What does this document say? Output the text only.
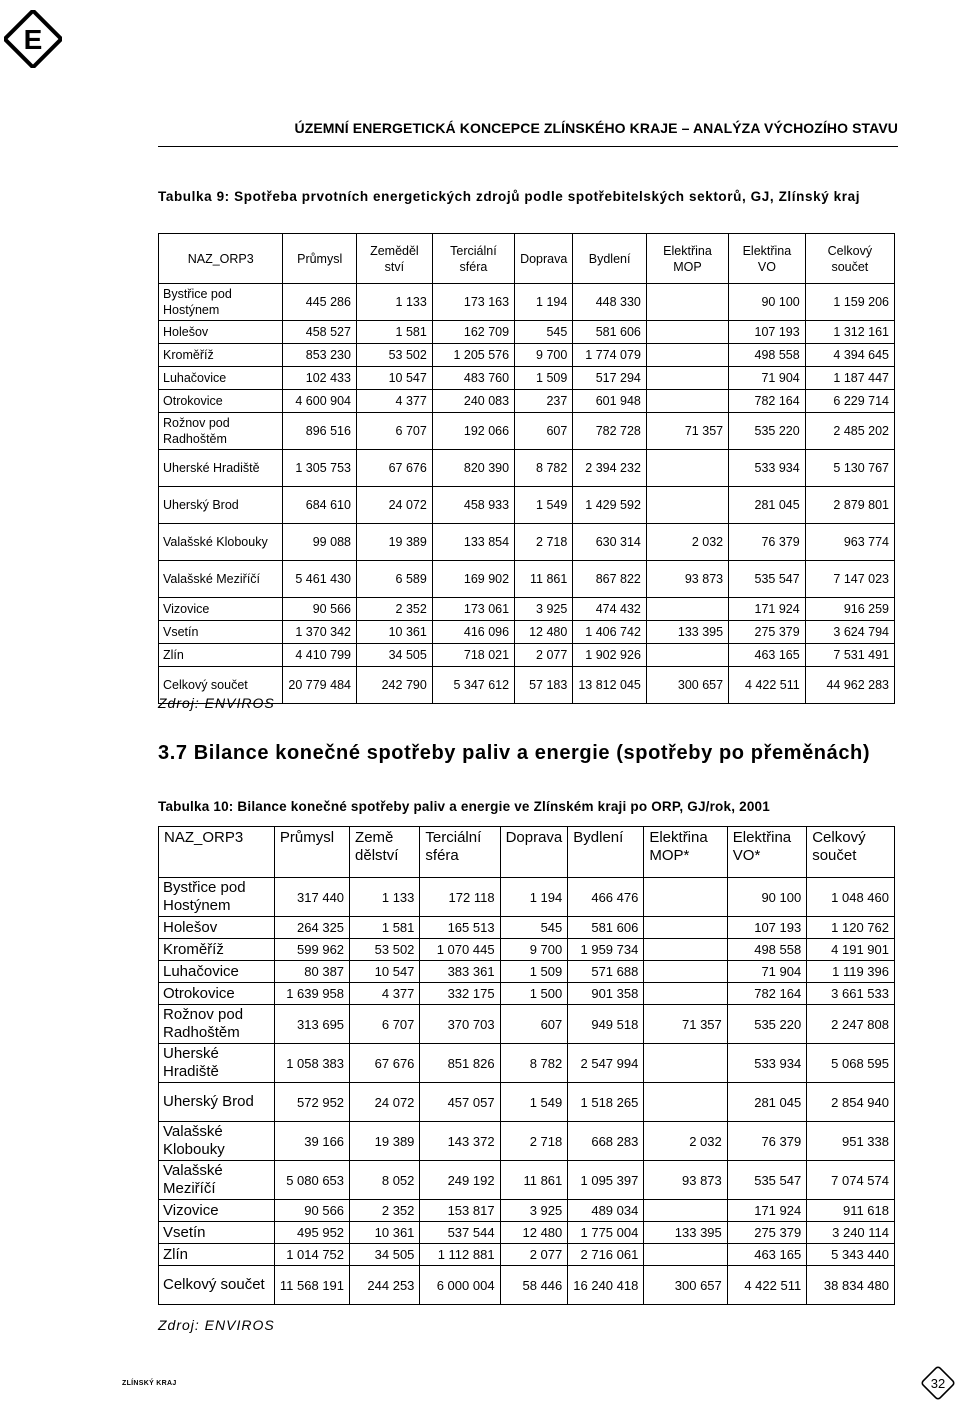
E
ÚZEMNÍ ENERGETICKÁ KONCEPCE ZLÍNSKÉHO KRAJE – ANALÝZA VÝCHOZÍHO STAVU
Tabulka 9: Spotřeba prvotních energetických zdrojů podle spotřebitelských sektorů, GJ, Zlínský kraj
NAZ_ORP3	Průmysl	Zeměděl ství	Terciální sféra	Doprava	Bydlení	Elektřina MOP	Elektřina VO	Celkový součet
Bystřice pod Hostýnem	445 286	1 133	173 163	1 194	448 330		90 100	1 159 206
Holešov	458 527	1 581	162 709	545	581 606		107 193	1 312 161
Kroměříž	853 230	53 502	1 205 576	9 700	1 774 079		498 558	4 394 645
Luhačovice	102 433	10 547	483 760	1 509	517 294		71 904	1 187 447
Otrokovice	4 600 904	4 377	240 083	237	601 948		782 164	6 229 714
Rožnov pod Radhoštěm	896 516	6 707	192 066	607	782 728	71 357	535 220	2 485 202
Uherské Hradiště	1 305 753	67 676	820 390	8 782	2 394 232		533 934	5 130 767
Uherský Brod	684 610	24 072	458 933	1 549	1 429 592		281 045	2 879 801
Valašské Klobouky	99 088	19 389	133 854	2 718	630 314	2 032	76 379	963 774
Valašské Meziříčí	5 461 430	6 589	169 902	11 861	867 822	93 873	535 547	7 147 023
Vizovice	90 566	2 352	173 061	3 925	474 432		171 924	916 259
Vsetín	1 370 342	10 361	416 096	12 480	1 406 742	133 395	275 379	3 624 794
Zlín	4 410 799	34 505	718 021	2 077	1 902 926		463 165	7 531 491
Celkový součet	20 779 484	242 790	5 347 612	57 183	13 812 045	300 657	4 422 511	44 962 283
Zdroj: ENVIROS
3.7 Bilance konečné spotřeby paliv a energie (spotřeby po přeměnách)
Tabulka 10: Bilance konečné spotřeby paliv a energie ve Zlínském kraji po ORP, GJ/rok, 2001
NAZ_ORP3	Průmysl	Země dělství	Terciální sféra	Doprava	Bydlení	Elektřina MOP*	Elektřina VO*	Celkový součet
Bystřice pod Hostýnem	317 440	1 133	172 118	1 194	466 476		90 100	1 048 460
Holešov	264 325	1 581	165 513	545	581 606		107 193	1 120 762
Kroměříž	599 962	53 502	1 070 445	9 700	1 959 734		498 558	4 191 901
Luhačovice	80 387	10 547	383 361	1 509	571 688		71 904	1 119 396
Otrokovice	1 639 958	4 377	332 175	1 500	901 358		782 164	3 661 533
Rožnov pod Radhoštěm	313 695	6 707	370 703	607	949 518	71 357	535 220	2 247 808
Uherské Hradiště	1 058 383	67 676	851 826	8 782	2 547 994		533 934	5 068 595
Uherský Brod	572 952	24 072	457 057	1 549	1 518 265		281 045	2 854 940
Valašské Klobouky	39 166	19 389	143 372	2 718	668 283	2 032	76 379	951 338
Valašské Meziříčí	5 080 653	8 052	249 192	11 861	1 095 397	93 873	535 547	7 074 574
Vizovice	90 566	2 352	153 817	3 925	489 034		171 924	911 618
Vsetín	495 952	10 361	537 544	12 480	1 775 004	133 395	275 379	3 240 114
Zlín	1 014 752	34 505	1 112 881	2 077	2 716 061		463 165	5 343 440
Celkový součet	11 568 191	244 253	6 000 004	58 446	16 240 418	300 657	4 422 511	38 834 480
Zdroj: ENVIROS
ZLÍNSKÝ KRAJ	32
